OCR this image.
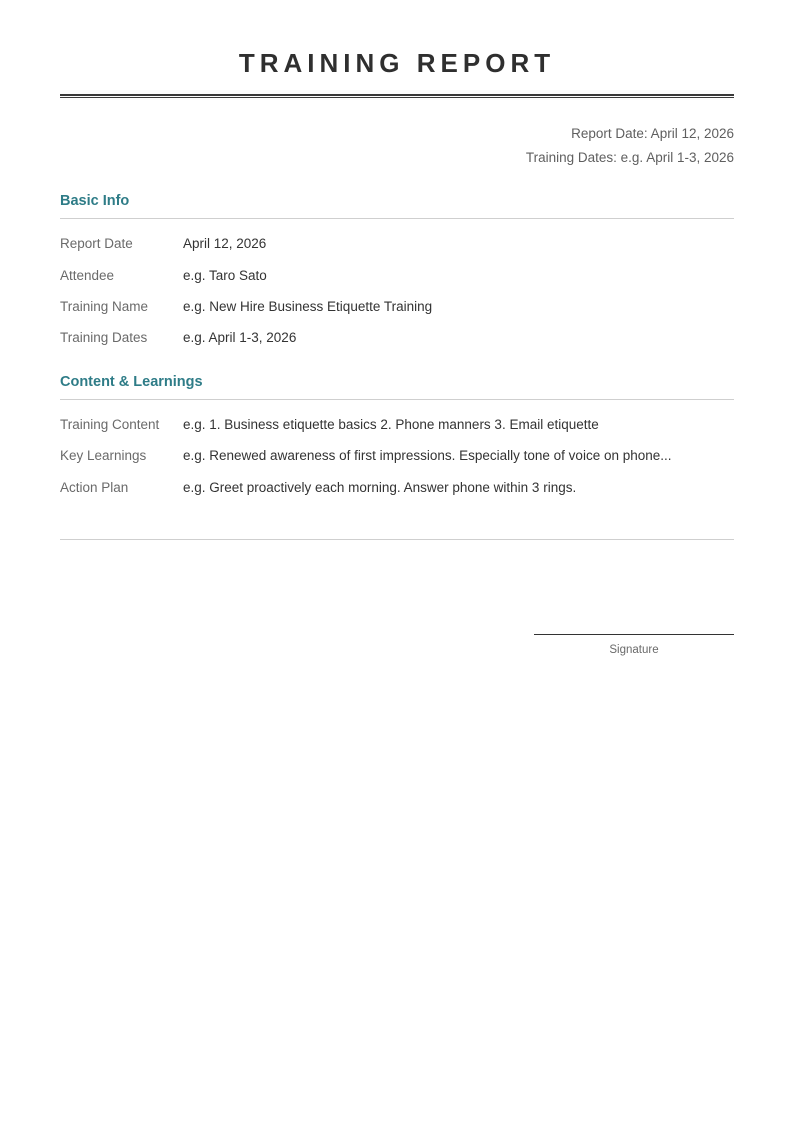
TRAINING REPORT
Report Date: April 12, 2026
Training Dates: e.g. April 1-3, 2026
Basic Info
Report Date	April 12, 2026
Attendee	e.g. Taro Sato
Training Name	e.g. New Hire Business Etiquette Training
Training Dates	e.g. April 1-3, 2026
Content & Learnings
Training Content e.g. 1. Business etiquette basics 2. Phone manners 3. Email etiquette
Key Learnings	e.g. Renewed awareness of first impressions. Especially tone of voice on phone...
Action Plan	e.g. Greet proactively each morning. Answer phone within 3 rings.
Signature
